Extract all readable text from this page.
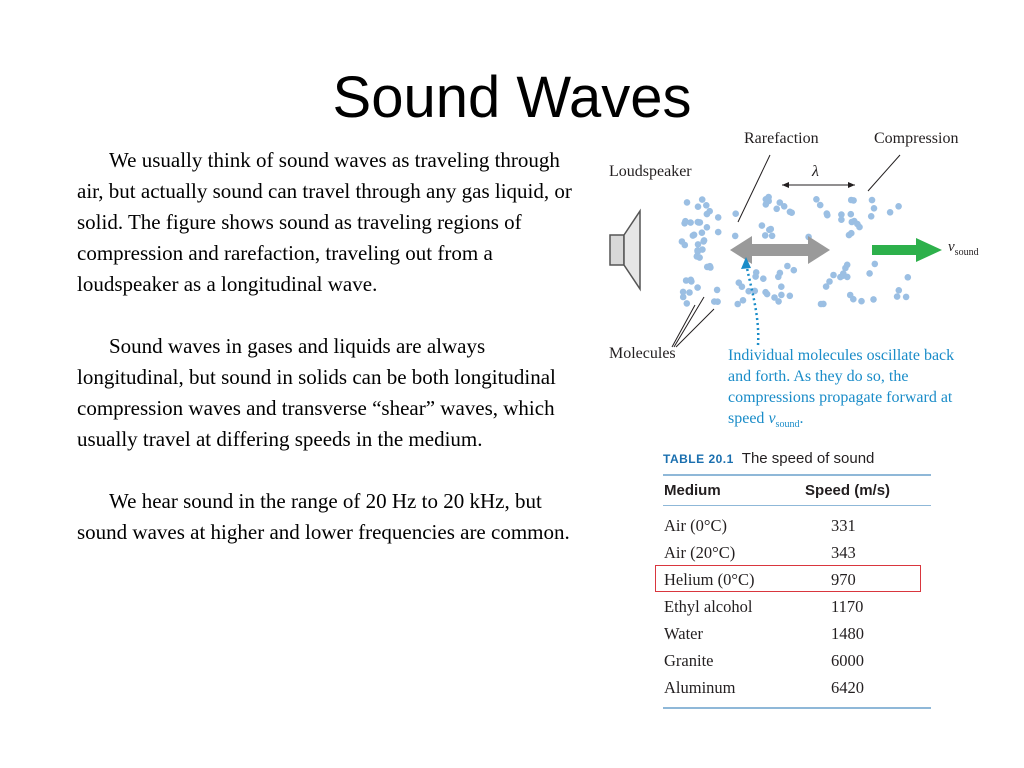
Sound Waves

We usually think of sound waves as traveling through air, but actually sound can travel through any gas liquid, or solid. The figure shows sound as traveling regions of compression and rarefaction, traveling out from a loudspeaker as a longitudinal wave.

Sound waves in gases and liquids are always longitudinal, but sound in solids can be both longitudinal compression waves and transverse “shear” waves, which usually travel at differing speeds in the medium.

We hear sound in the range of 20 Hz to 20 kHz, but sound waves at higher and lower frequencies are common.

Rarefaction	Compression
Loudspeaker
Molecules
λ
$v_{sound}$
Individual molecules oscillate back and forth. As they do so, the compressions propagate forward at speed $v_{sound}$.
TABLE 20.1 The speed of sound
Medium	Speed (m/s)

Air (0°C)	331
Air (20°C)	343
Helium (0°C)	970
Ethyl alcohol	1170
Water	1480
Granite	6000
Aluminum	6420
